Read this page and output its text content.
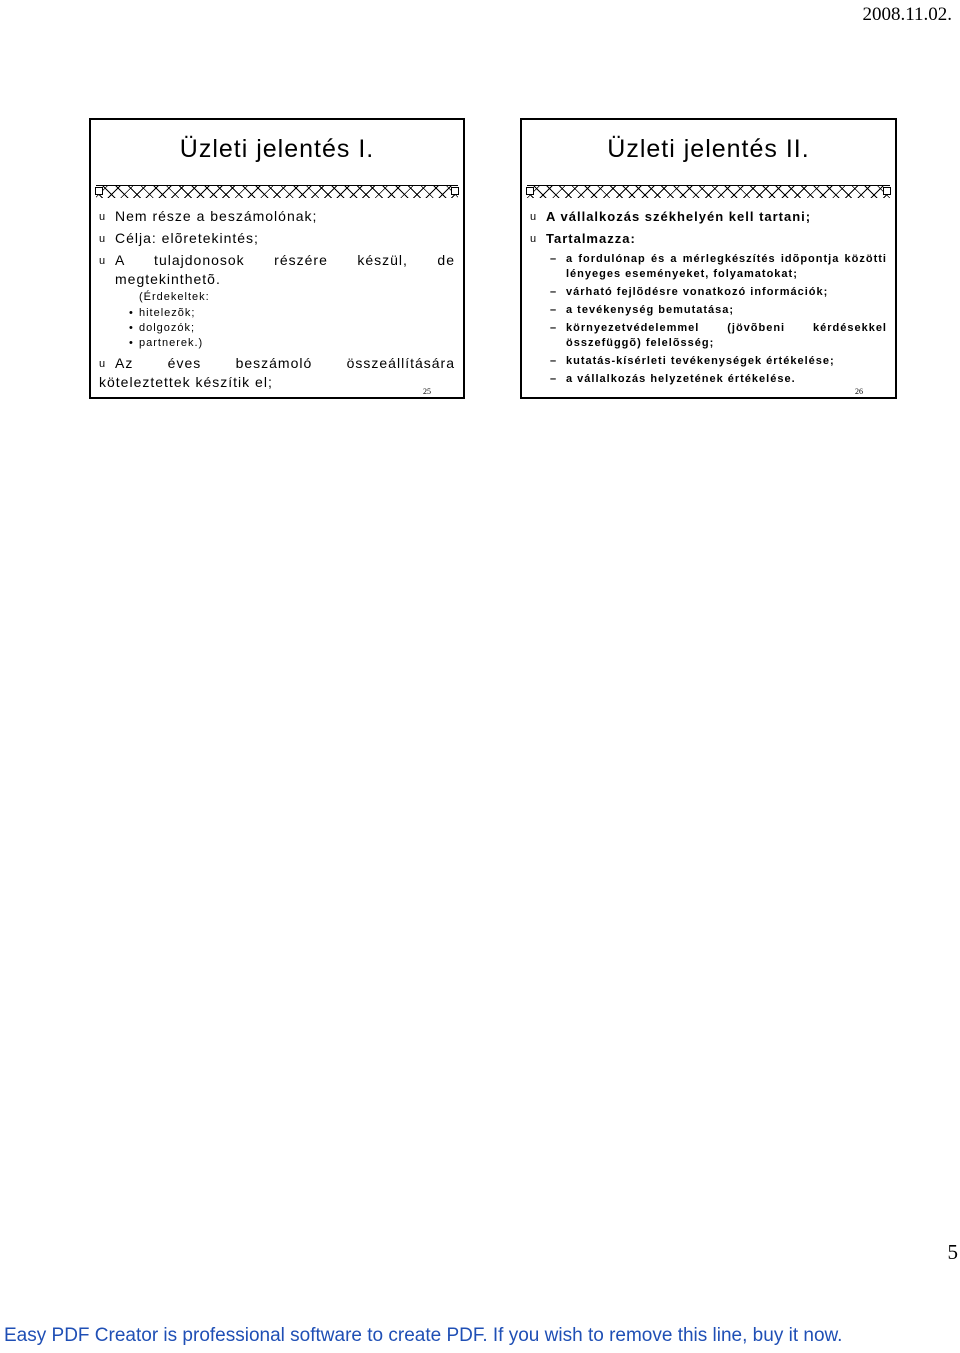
2008.11.02.
Üzleti jelentés I.
u Nem része a beszámolónak;
u Célja: elõretekintés;
u A tulajdonosok részére készül, de
megtekinthetõ.
(Érdekeltek:
• hitelezõk;
• dolgozók;
• partnerek.)
u Az éves beszámoló összeállítására
köteleztettek készítik el;
25
Üzleti jelentés II.
u A vállalkozás székhelyén kell tartani;
u Tartalmazza:
– a fordulónap és a mérlegkészítés idõpontja közötti lényeges eseményeket, folyamatokat;
– várható fejlõdésre vonatkozó információk;
– a tevékenység bemutatása;
– környezetvédelemmel (jövõbeni kérdésekkel összefüggõ) felelõsség;
– kutatás-kísérleti tevékenységek értékelése;
– a vállalkozás helyzetének értékelése.
26
5
Easy PDF Creator is professional software to create PDF. If you wish to remove this line, buy it now.
